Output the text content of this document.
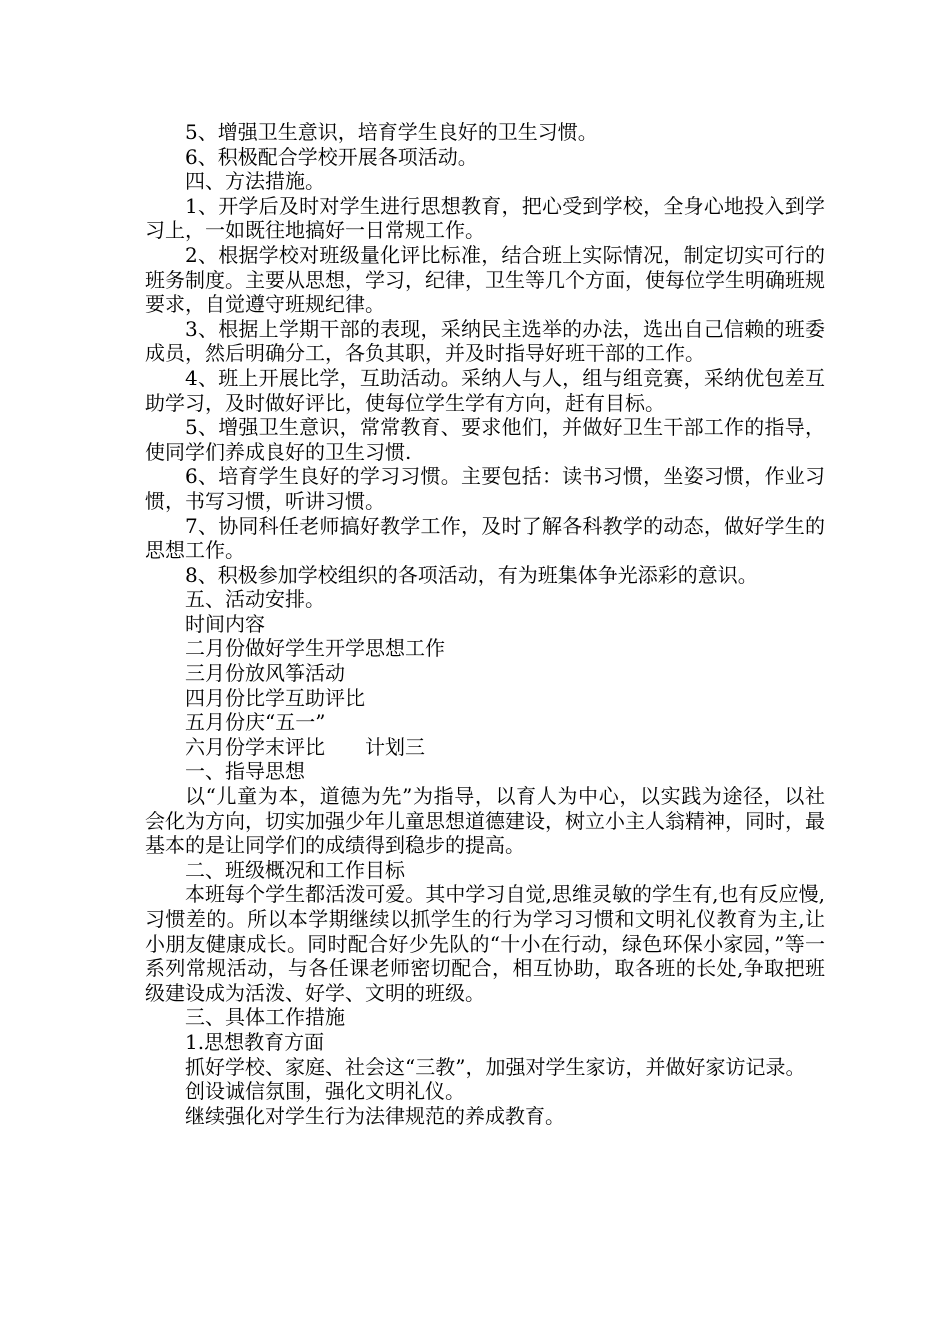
5、增强卫生意识，培育学生良好的卫生习惯。

6、积极配合学校开展各项活动。

四、方法措施。

1、开学后及时对学生进行思想教育，把心受到学校，全身心地投入到学习上，一如既往地搞好一日常规工作。

2、根据学校对班级量化评比标准，结合班上实际情况，制定切实可行的班务制度。主要从思想，学习，纪律，卫生等几个方面，使每位学生明确班规要求，自觉遵守班规纪律。

3、根据上学期干部的表现，采纳民主选举的办法，选出自己信赖的班委成员，然后明确分工，各负其职，并及时指导好班干部的工作。

4、班上开展比学，互助活动。采纳人与人，组与组竞赛，采纳优包差互助学习，及时做好评比，使每位学生学有方向，赶有目标。

5、增强卫生意识，常常教育、要求他们，并做好卫生干部工作的指导，使同学们养成良好的卫生习惯.

6、培育学生良好的学习习惯。主要包括：读书习惯，坐姿习惯，作业习惯，书写习惯，听讲习惯。

7、协同科任老师搞好教学工作，及时了解各科教学的动态，做好学生的思想工作。

8、积极参加学校组织的各项活动，有为班集体争光添彩的意识。

五、活动安排。

时间内容

二月份做好学生开学思想工作

三月份放风筝活动

四月份比学互助评比

五月份庆“五一”

六月份学末评比　　计划三

一、指导思想

以“儿童为本，道德为先”为指导，以育人为中心，以实践为途径，以社会化为方向，切实加强少年儿童思想道德建设，树立小主人翁精神，同时，最基本的是让同学们的成绩得到稳步的提高。

二、班级概况和工作目标

本班每个学生都活泼可爱。其中学习自觉,思维灵敏的学生有,也有反应慢,习惯差的。所以本学期继续以抓学生的行为学习习惯和文明礼仪教育为主,让小朋友健康成长。同时配合好少先队的“十小在行动，绿色环保小家园，”等一系列常规活动，与各任课老师密切配合，相互协助，取各班的长处,争取把班级建设成为活泼、好学、文明的班级。

三、具体工作措施

1.思想教育方面

抓好学校、家庭、社会这“三教”，加强对学生家访，并做好家访记录。

创设诚信氛围，强化文明礼仪。

继续强化对学生行为法律规范的养成教育。
